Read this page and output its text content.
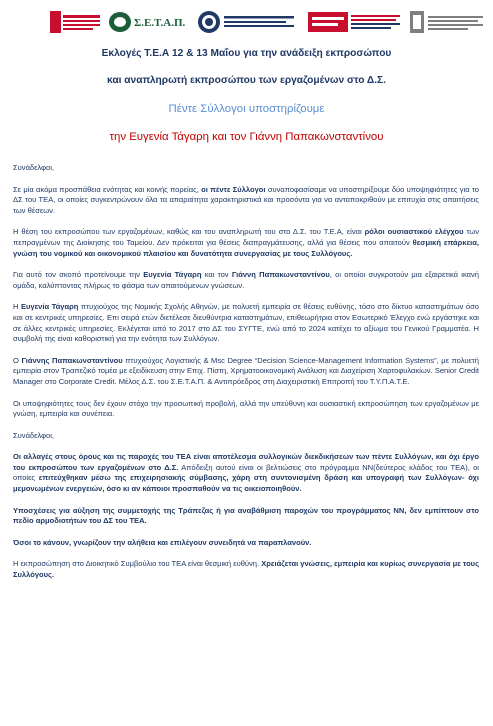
Σ.Ε.Τ.Α.Π.
Εκλογές Τ.Ε.Α 12 & 13 Μαΐου για την ανάδειξη εκπροσώπου
και αναπληρωτή εκπροσώπου των εργαζομένων στο Δ.Σ.
Πέντε Σύλλογοι υποστηρίζουμε
την Ευγενία Τάγαρη και τον Γιάννη Παπακωνσταντίνου

Συνάδελφοι,

Σε μία ακόμα προσπάθεια ενότητας και κοινής πορείας, οι πέντε Σύλλογοι συναποφασίσαμε να υποστηρίξουμε δύο υποψηφιότητες για το ΔΣ του ΤΕΑ, οι οποίες συγκεντρώνουν όλα τα απαραίτητα χαρακτηριστικά και προσόντα για να ανταποκριθούν με επιτυχία στις απαιτήσεις των θέσεων.

Η θέση του εκπροσώπου των εργαζομένων, καθώς και του αναπληρωτή του στο Δ.Σ. του Τ.Ε.Α, είναι ρόλοι ουσιαστικού ελέγχου των πεπραγμένων της Διοίκησης του Ταμείου. Δεν πρόκειται για θέσεις διαπραγμάτευσης, αλλά για θέσεις που απαιτούν θεσμική επάρκεια, γνώση του νομικού και οικονομικού πλαισίου και δυνατότητα συνεργασίας με τους Συλλόγους.

Για αυτό τον σκοπό προτείνουμε την Ευγενία Τάγαρη και τον Γιάννη Παπακωνσταντίνου, οι οποίοι συγκροτούν μια εξαιρετικά ικανή ομάδα, καλύπτοντας πλήρως το φάσμα των απαιτούμενων γνώσεων.

Η Ευγενία Τάγαρη πτυχιούχος της Νομικής Σχολής Αθηνών, με πολυετή εμπειρία σε θέσεις ευθύνης, τόσο στο δίκτυο καταστημάτων όσο και σε κεντρικές υπηρεσίες. Επι σειρά ετών διετέλεσε διευθύντρια καταστημάτων, επιθεωρήτρια στον Εσωτερικό Έλεγχο ενώ εργάστηκε και σε άλλες κεντρικές υπηρεσίες. Εκλέγεται από το 2017 στο ΔΣ του ΣΥΓΤΕ, ενώ από το 2024 κατέχει το αξίωμα του Γενικού Γραμματέα. Η συμβολή της είναι καθοριστική για την ενότητα των Συλλόγων.

Ο Γιάννης Παπακωνσταντίνου πτυχιούχος Λογιστικής & Msc Degree “Decision Science-Management Information Systems”, με πολυετή εμπειρία στον Τραπεζικό τομέα με εξειδίκευση στην Επιχ. Πίστη, Χρηματοοικονομική Ανάλυση και Διαχείριση Χαρτοφυλακίων. Senior Credit Manager στο Corporate Credit. Μέλος Δ.Σ. του Σ.Ε.Τ.Α.Π. & Αντιπρόεδρος στη Διαχειριστική Επιτροπή του Τ.Υ.Π.Α.Τ.Ε.

Οι υποψηφιότητες τους δεν έχουν στόχο την προσωπική προβολή, αλλά την υπεύθυνη και ουσιαστική εκπροσώπηση των εργαζομένων με γνώση, εμπειρία και συνέπεια.

Συνάδελφοι,

Οι αλλαγές στους όρους και τις παροχές του ΤΕΑ είναι αποτέλεσμα συλλογικών διεκδικήσεων των πέντε Συλλόγων, και όχι έργο του εκπροσώπου των εργαζομένων στο Δ.Σ. Απόδειξη αυτού είναι οι βελτιώσεις στο πρόγραμμα ΝΝ(δεύτερος κλάδος του ΤΕΑ), οι οποίες επιτεύχθηκαν μέσω της επιχειρησιακής σύμβασης, χάρη στη συντονισμένη δράση και υπογραφή των Συλλόγων- όχι μεμονωμένων ενεργειών, όσο κι αν κάποιοι προσπαθούν να τις οικειοποιηθούν.

Υποσχέσεις για αύξηση της συμμετοχής της Τράπεζας ή για αναβάθμιση παροχών του προγράμματος ΝΝ, δεν εμπίπτουν στο πεδίο αρμοδιοτήτων του ΔΣ του ΤΕΑ.

Όσοι το κάνουν, γνωρίζουν την αλήθεια και επιλέγουν συνειδητά να παραπλανούν.

Η εκπροσώπηση στο Διοικητικό Συμβούλιο του ΤΕΑ είναι θεσμική ευθύνη. Χρειάζεται γνώσεις, εμπειρία και κυρίως συνεργασία με τους Συλλόγους.
